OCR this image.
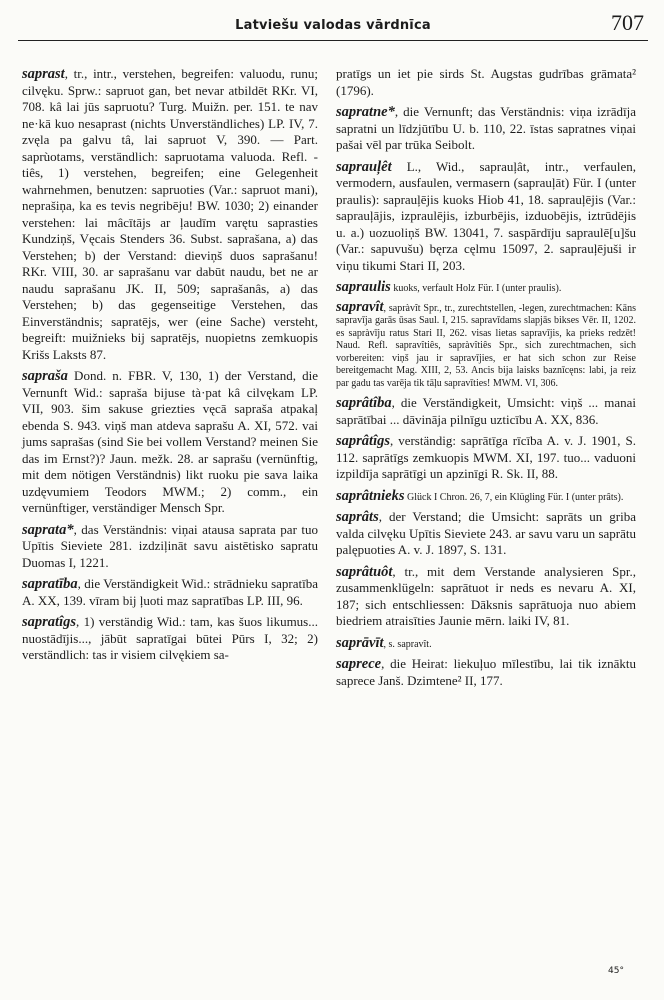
Latviešu valodas vārdnīca	707

saprast, tr., intr., verstehen, begreifen: valuodu, runu; cilvęku. Sprw.: sapruot gan, bet nevar atbildēt RKr. VI, 708. kâ lai jūs sapruotu? Turg. Muižn. per. 151. te nav ne·kā kuo nesaprast (nichts Unverständliches) LP. IV, 7. zvęla pa galvu tâ, lai sapruot V, 390. — Part. saprùotams, verständlich: sapruotama valuoda. Refl. -tiês, 1) verstehen, begreifen; eine Gelegenheit wahrnehmen, benutzen: sapruoties (Var.: sapruot mani), neprašiņa, ka es tevis negribēju! BW. 1030; 2) einander verstehen: lai mâcītājs ar ļaudīm varętu saprasties Kundziņš, Vęcais Stenders 36. Subst. saprašana, a) das Verstehen; b) der Verstand: dieviņš duos saprašanu! RKr. VIII, 30. ar saprašanu var dabūt naudu, bet ne ar naudu saprašanu JK. II, 509; saprašanâs, a) das Verstehen; b) das gegenseitige Verstehen, das Einverständnis; sapratējs, wer (eine Sache) versteht, begreift: muižnieks bij sapratējs, nuopietns zemkuopis Krišs Laksts 87.

sapraša Dond. n. FBR. V, 130, 1) der Verstand, die Vernunft Wid.: sapraša bijuse tà·pat kâ cilvękam LP. VII, 903. šim sakuse griezties vęcā sapraša atpakaļ ebenda S. 943. viņš man atdeva saprašu A. XI, 572. vai jums saprašas (sind Sie bei vollem Verstand? meinen Sie das im Ernst?)? Jaun. mežk. 28. ar saprašu (vernünftig, mit dem nötigen Verständnis) likt ruoku pie sava laika uzdęvumiem Teodors MWM.; 2) comm., ein vernünftiger, verständiger Mensch Spr.

saprata*, das Verständnis: viņai atausa saprata par tuo Upītis Sieviete 281. izdziļināt savu aistētisko sapratu Duomas I, 1221.

sapratība, die Verständigkeit Wid.: strādnieku sapratība A. XX, 139. vīram bij ļuoti maz sapratības LP. III, 96.

sapratîgs, 1) verständig Wid.: tam, kas šuos likumus... nuostādījis..., jābūt sapratīgai būtei Pūrs I, 32; 2) verständlich: tas ir visiem cilvękiem sa-

pratīgs un iet pie sirds St. Augstas gudrības grāmata² (1796).

sapratne*, die Vernunft; das Verständnis: viņa izrādīja sapratni un līdzjūtību U. b. 110, 22. īstas sapratnes viņai pašai vēl par trūka Seibolt.

saprauļêt L., Wid., saprauļât, intr., verfaulen, vermodern, ausfaulen, vermasern (saprauļāt) Für. I (unter praulis): saprauļējis kuoks Hiob 41, 18. saprauļējis (Var.: saprauļājis, izpraulējis, izburbējis, izduobējis, iztrūdējis u. a.) uozuoliņš BW. 13041, 7. saspārdīju sapraulē[u]šu (Var.: sapuvušu) bęrza cęlmu 15097, 2. saprauļējuši ir viņu tikumi Stari II, 203.

sapraulis kuoks, verfault Holz Für. I (unter praulis).

sapravît, sapràvît Spr., tr., zurechtstellen, -legen, zurechtmachen: Kāns sapravīja garās ūsas Saul. I, 215. sapravīdams slapjās bikses Vēr. II, 1202. es sapràvīju ratus Stari II, 262. visas lietas sapravījis, ka prieks redzēt! Naud. Refl. sapravîtiês, sapràvîtiês Spr., sich zurechtmachen, sich vorbereiten: viņš jau ir sapravījies, er hat sich schon zur Reise bereitgemacht Mag. XIII, 2, 53. Ancis bija laisks baznīcęns: labi, ja reiz par gadu tas varēja tik tāļu sapravīties! MWM. VI, 306.

saprâtîba, die Verständigkeit, Umsicht: viņš ... manai saprātībai ... dāvināja pilnīgu uzticību A. XX, 836.

saprâtîgs, verständig: saprātīga rīcība A. v. J. 1901, S. 112. saprātīgs zemkuopis MWM. XI, 197. tuo... vaduoni izpildīja saprātīgi un apzinīgi R. Sk. II, 88.

saprâtnieks Glück I Chron. 26, 7, ein Klügling Für. I (unter prâts).

saprâts, der Verstand; die Umsicht: saprāts un griba valda cilvęku Upītis Sieviete 243. ar savu varu un saprātu palępuoties A. v. J. 1897, S. 131.

saprâtuôt, tr., mit dem Verstande analysieren Spr., zusammenklügeln: saprātuot ir neds es nevaru A. XI, 187; sich entschliessen: Dāksnis saprātuoja nuo abiem biedriem atraisīties Jaunie mērn. laiki IV, 81.

saprāvīt, s. sapravît.

saprece, die Heirat: liekuļuo mīlestību, lai tik iznāktu saprece Janš. Dzimtene² II, 177.

45°
